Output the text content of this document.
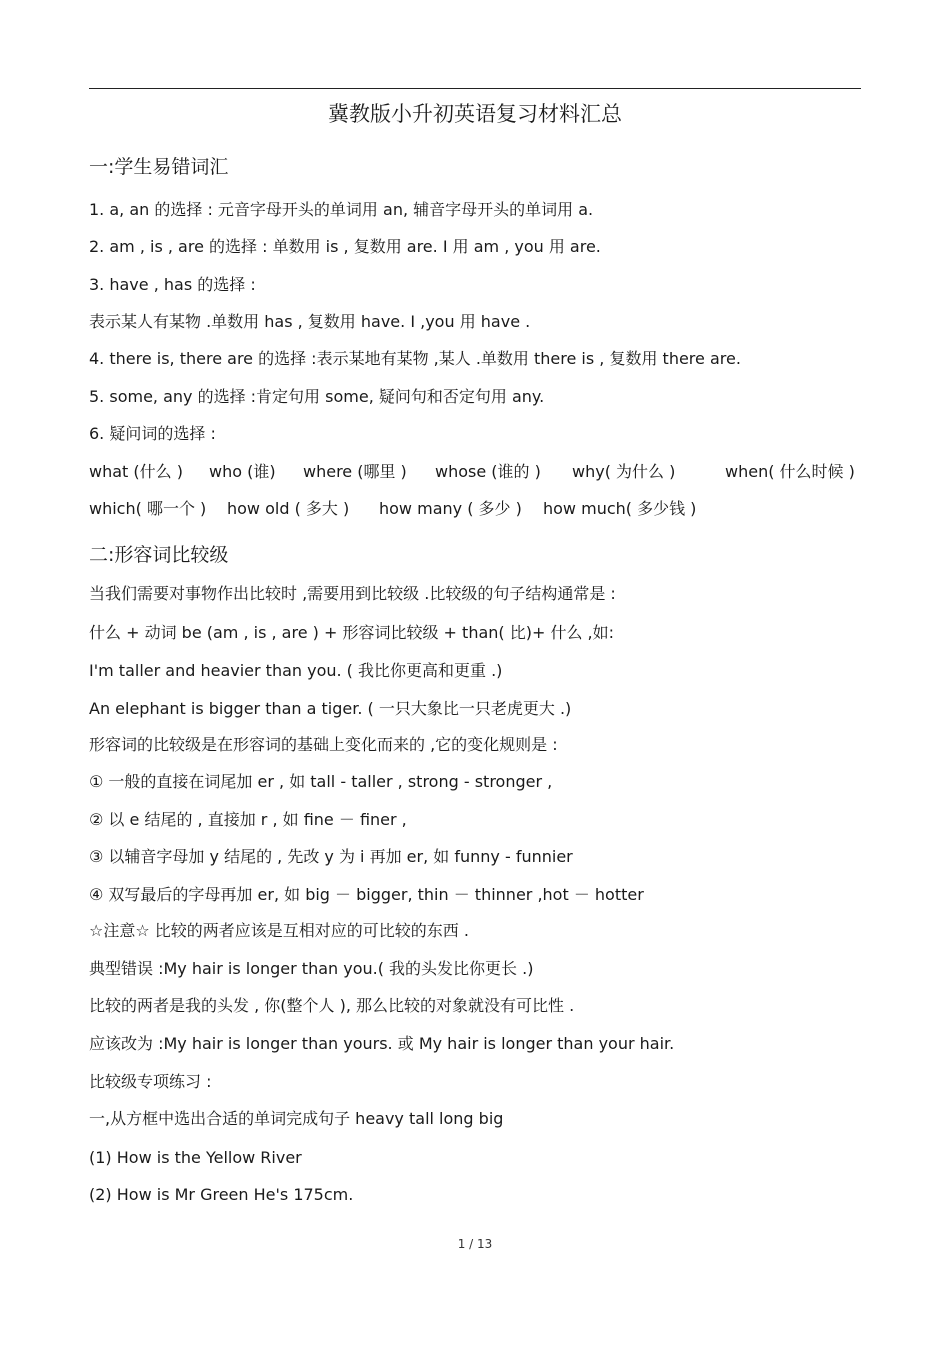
冀教版小升初英语复习材料汇总
一:学生易错词汇
1. a, an 的选择 : 元音字母开头的单词用 an, 辅音字母开头的单词用 a.
2. am , is , are 的选择 : 单数用 is , 复数用 are. I 用 am , you 用 are.
3. have , has 的选择 :
表示某人有某物 .单数用 has , 复数用 have. I ,you 用 have .
4. there is, there are 的选择 :表示某地有某物 ,某人 .单数用 there is , 复数用 there are.
5. some, any 的选择 :肯定句用 some, 疑问句和否定句用 any.
6. 疑问词的选择 :
what (什么 ) who (谁) where (哪里 ) whose (谁的 ) why( 为什么 )	when( 什么时候 )
which( 哪一个 ) how old ( 多大 ) how many ( 多少 ) how much( 多少钱 )
二:形容词比较级
当我们需要对事物作出比较时 ,需要用到比较级 .比较级的句子结构通常是 :
什么 + 动词 be (am , is , are ) + 形容词比较级 + than( 比)+ 什么 ,如:
I'm taller and heavier than you. ( 我比你更高和更重 .)
An elephant is bigger than a tiger. ( 一只大象比一只老虎更大 .)
形容词的比较级是在形容词的基础上变化而来的 ,它的变化规则是 :
① 一般的直接在词尾加 er , 如 tall - taller , strong - stronger ,
② 以 e 结尾的 , 直接加 r , 如 fine － finer ,
③ 以辅音字母加 y 结尾的 , 先改 y 为 i 再加 er, 如 funny - funnier
④ 双写最后的字母再加 er, 如 big － bigger, thin － thinner ,hot － hotter
☆注意☆ 比较的两者应该是互相对应的可比较的东西 .
典型错误 :My hair is longer than you.( 我的头发比你更长 .)
比较的两者是我的头发 , 你(整个人 ), 那么比较的对象就没有可比性 .
应该改为 :My hair is longer than yours. 或 My hair is longer than your hair.
比较级专项练习 :
一,从方框中选出合适的单词完成句子 heavy tall long big
(1) How is the Yellow River
(2) How is Mr Green He's 175cm.
1 / 13
